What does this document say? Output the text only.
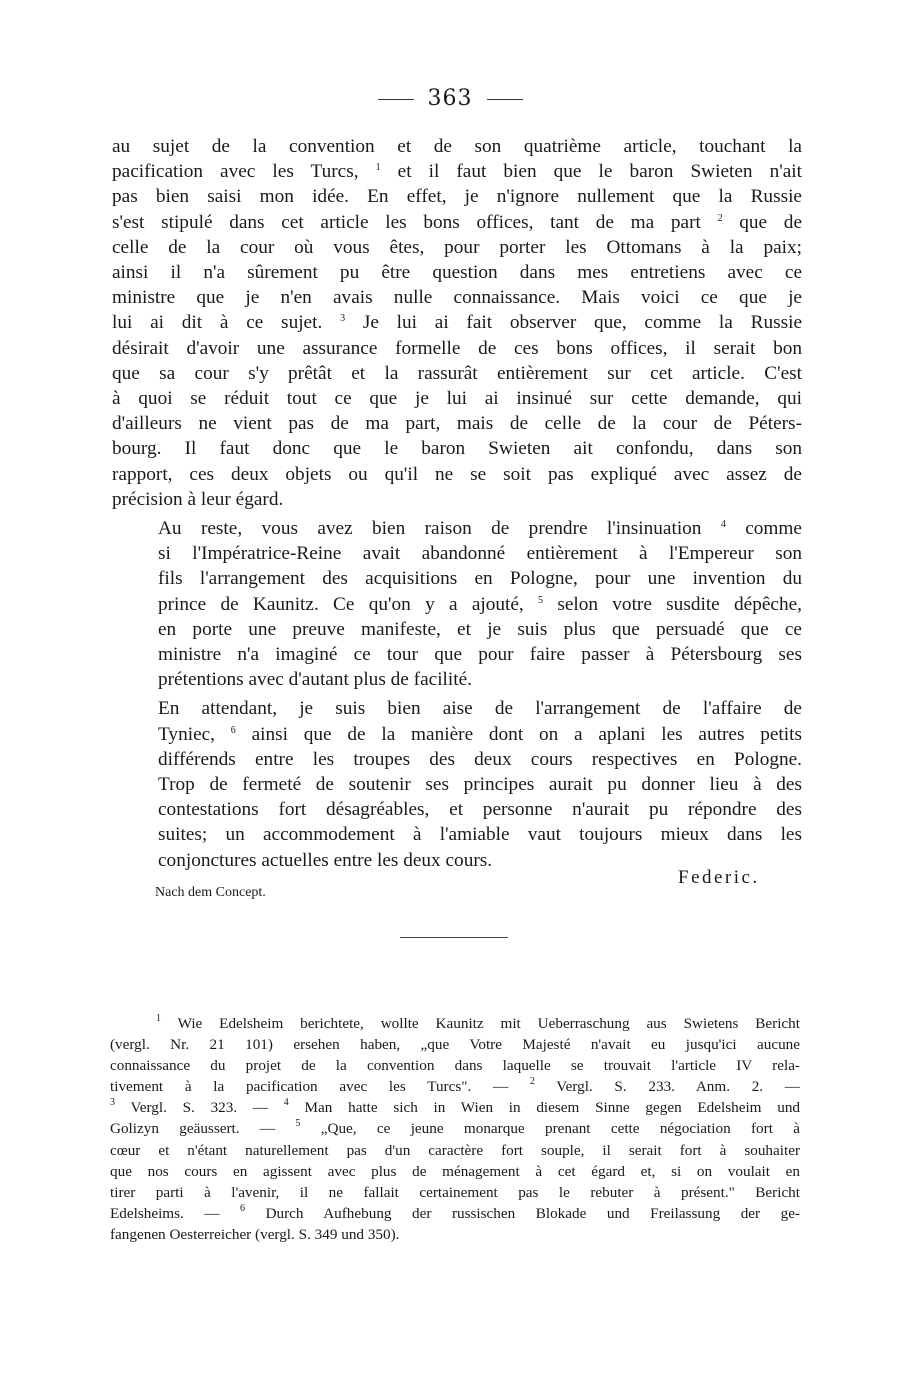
363

au sujet de la convention et de son quatrième article, touchant la
pacification avec les Turcs, $^1$ et il faut bien que le baron Swieten n'ait
pas bien saisi mon idée. En effet, je n'ignore nullement que la Russie
s'est stipulé dans cet article les bons offices, tant de ma part $^2$ que de
celle de la cour où vous êtes, pour porter les Ottomans à la paix;
ainsi il n'a sûrement pu être question dans mes entretiens avec ce
ministre que je n'en avais nulle connaissance. Mais voici ce que je
lui ai dit à ce sujet. $^3$ Je lui ai fait observer que, comme la Russie
désirait d'avoir une assurance formelle de ces bons offices, il serait bon
que sa cour s'y prêtât et la rassurât entièrement sur cet article. C'est
à quoi se réduit tout ce que je lui ai insinué sur cette demande, qui
d'ailleurs ne vient pas de ma part, mais de celle de la cour de Péters-
bourg. Il faut donc que le baron Swieten ait confondu, dans son
rapport, ces deux objets ou qu'il ne se soit pas expliqué avec assez de
précision à leur égard.

Au reste, vous avez bien raison de prendre l'insinuation $^4$ comme
si l'Impératrice-Reine avait abandonné entièrement à l'Empereur son
fils l'arrangement des acquisitions en Pologne, pour une invention du
prince de Kaunitz. Ce qu'on y a ajouté, $^5$ selon votre susdite dépêche,
en porte une preuve manifeste, et je suis plus que persuadé que ce
ministre n'a imaginé ce tour que pour faire passer à Pétersbourg ses
prétentions avec d'autant plus de facilité.

En attendant, je suis bien aise de l'arrangement de l'affaire de
Tyniec, $^6$ ainsi que de la manière dont on a aplani les autres petits
différends entre les troupes des deux cours respectives en Pologne.
Trop de fermeté de soutenir ses principes aurait pu donner lieu à des
contestations fort désagréables, et personne n'aurait pu répondre des
suites; un accommodement à l'amiable vaut toujours mieux dans les
conjonctures actuelles entre les deux cours.

Federic.
Nach dem Concept.
$^1$ Wie Edelsheim berichtete, wollte Kaunitz mit Ueberraschung aus Swietens Bericht
(vergl. Nr. 21 101) ersehen haben, „que Votre Majesté n'avait eu jusqu'ici aucune
connaissance du projet de la convention dans laquelle se trouvait l'article IV rela-
tivement à la pacification avec les Turcs". — $^2$ Vergl. S. 233. Anm. 2. —
$^3$ Vergl. S. 323. — $^4$ Man hatte sich in Wien in diesem Sinne gegen Edelsheim und
Golizyn geäussert. — $^5$ „Que, ce jeune monarque prenant cette négociation fort à
cœur et n'étant naturellement pas d'un caractère fort souple, il serait fort à souhaiter
que nos cours en agissent avec plus de ménagement à cet égard et, si on voulait en
tirer parti à l'avenir, il ne fallait certainement pas le rebuter à présent." Bericht
Edelsheims. — $^6$ Durch Aufhebung der russischen Blokade und Freilassung der ge-
fangenen Oesterreicher (vergl. S. 349 und 350).
